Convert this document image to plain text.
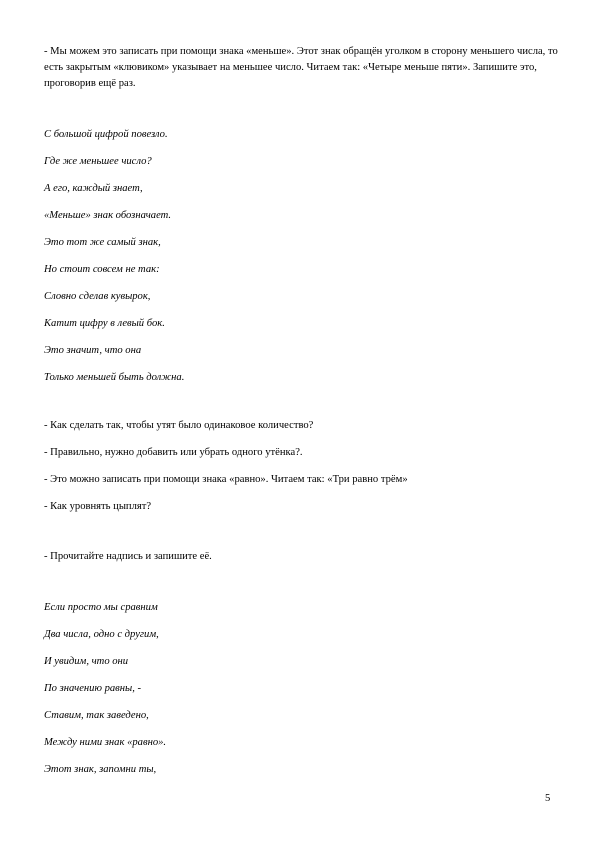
- Мы можем это записать при помощи знака «меньше». Этот знак обращён уголком в сторону меньшего числа, то есть закрытым «клювиком» указывает на меньшее число. Читаем так: «Четыре меньше пяти». Запишите это, проговорив ещё раз.

С большой цифрой повезло.

Где же меньшее число?

А его, каждый знает,

«Меньше» знак обозначает.

Это тот же самый знак,

Но стоит совсем не так:

Словно сделав кувырок,

Катит цифру в левый бок.

Это значит, что она

Только меньшей быть должна.

- Как сделать так, чтобы утят было одинаковое количество?

- Правильно, нужно добавить или убрать одного утёнка?.

- Это можно записать при помощи знака «равно». Читаем так: «Три равно трём»

- Как уровнять цыплят?

- Прочитайте надпись и запишите её.

Если просто мы сравним

Два числа, одно с другим,

И увидим, что они

По значению равны, -

Ставим, так заведено,

Между ними знак «равно».

Этот знак, запомни ты,

5
